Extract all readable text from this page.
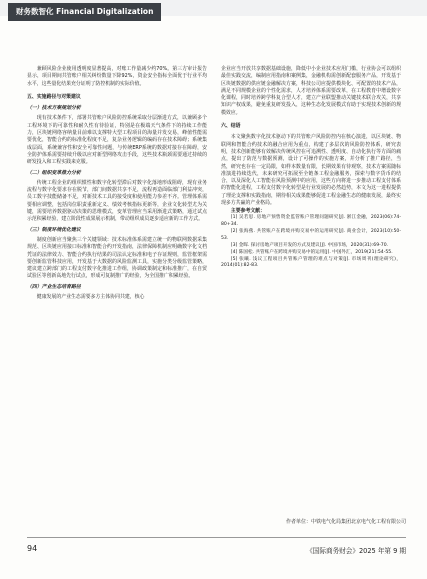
财务数智化 Financial Digitalization

兼顾风险企业使用透明度显著提高，对账工作量减少约70%。第三方审计报告显示，项目期间共管账户相关纠纷数量下降92%，资金安全指标全面优于行业平均水平，这些量化结果充分证明了防控机制的实际价值。

五、实施路径与对策建议

（一）技术方案规划分析

现有技术条件下，部署共管账户风险防控系统采取分层渐进方式，以兼顾多个工程环境下的可靠性和耐久性有待验证，特别是在极端天气条件下的持续工作能力，区块链网络容纳量目前难以支撑特大型工程项目的海量并发交易，峰值性能需要优化，智能合约的标准化程度不足，复杂业务逻辑的编码存在技术障碍；系统集成层面，系统兼容性和安全可靠性问题，与传统ERP系统的数据对接存在障碍，安全防护体系需要持续升级以应对新型网络攻击手段，这些技术瓶颈需要通过持续的研发投入和工程实践来克服。

（二）组织变革推力分析

传统工程企业的组织惯性和数字化转型滞后对数字化落地形成阻碍，现有业务流程与数字化要求存在脱节，部门间数据共享不足，流程再造面临部门利益冲突，员工数字技能储备不足，对新技术工具的接受度和使用能力参差不齐。管理体系需要相应调整，包括岗位职责重新定义、绩效考核指标更新等，企业文化转型尤为关键，需要培养数据驱动决策的思维模式，变革管理应当采用渐进式策略，通过试点示范积累经验，建立阶段性成果展示机制，带动组织成员逐步适应新的工作方式。

（三）制度环境优化建议

制度创新应当聚焦三个关键领域：技术标准体系需建立统一的物联网数据采集规范、区块链应用接口标准和智能合约开发指南，法律保障机制应明确数字化文档凭证的法律效力、智能合约执行结果的司法认定标准和电子存证规则，监管框架需要创新监管科技应用，开发基于大数据的风险监测工具，实施分类分级监管策略，建议建立跨部门的工程支付数字化推进工作组，协调政策制定和标准推广，在自贸试验区等创新高地先行试点，形成可复制推广的经验，为全国推广积累经验。

（四）产业生态培育路径

健康发展的产业生态需要多方主体协同共建，核心

企业应当开放共享数据基础设施，降低中小企业技术应用门槛，行业协会可以组织最佳实践交流，编制应用指南和案例集，金融机构需创新配套服务产品，开发基于区块链数据的供应链金融解决方案，科技公司应提供模块化、可配置的技术产品，满足不同规模企业的个性化需求，人才培养体系需要改革，在工程教育中增设数字化课程，同时培养跨学科复合型人才，建立产业联盟推动关键技术联合攻关，共享知识产权成果，避免重复研发投入，这种生态化发展模式有助于实现技术创新的规模效应。

六、结语

本文聚焦数字化技术驱动下的共管账户风险防控内在核心演进，以区块链、物联网和智能合约技术的融合应用为重点，构建了多层次的风险防控体系，研究表明，技术创新能够有效解决传统风控在可追溯性、透明度、自动化执行等方面的痛点，提出了防范与数据预测，设计了可操作的实施方案，并分析了推广路径，当然，研究也存在一定局限，如样本数量有限，长期效果有待观察，技术方案需随标准演进持续迭代，未来研究可拓展至全链条工程金融服务，探索与数字货币的结合，以及深化人工智能在风险预测中的应用，这些方向将进一步推动工程支付体系的智能化进程，工程支付数字化转型是行业发展的必然趋势，本文为这一进程提供了理论支撑和实践指南，期待相关成果能够促进工程金融生态的健康发展，最终实现多方共赢的产业格局。

主要参考文献：

[1] 吴若思. 房地产预售资金监管账户管理问题研究[J]. 浙江金融，2023(06):74-80+34.

[2] 张海燕. 共管账户在跨境并购交易中的运用研究[J]. 商业会计，2023(10):50-53.

[3] 金晖. 探讨房地产项目开发的方式及建议[J]. 中国市场，2020(31):69-70.

[4] 陈国松. 共管账户在跨境并购交易中的运用[J]. 中国外汇，2019(21):54-55.

[5] 张曦. 浅议工程项目共管账户管理的难点与对策[J]. 市场周刊(理论研究)，2014(01):82-83.

作者单位：中铁电气化局集团北京电气化工程有限公司
94	《国际商务财会》2025 年第 9 期
